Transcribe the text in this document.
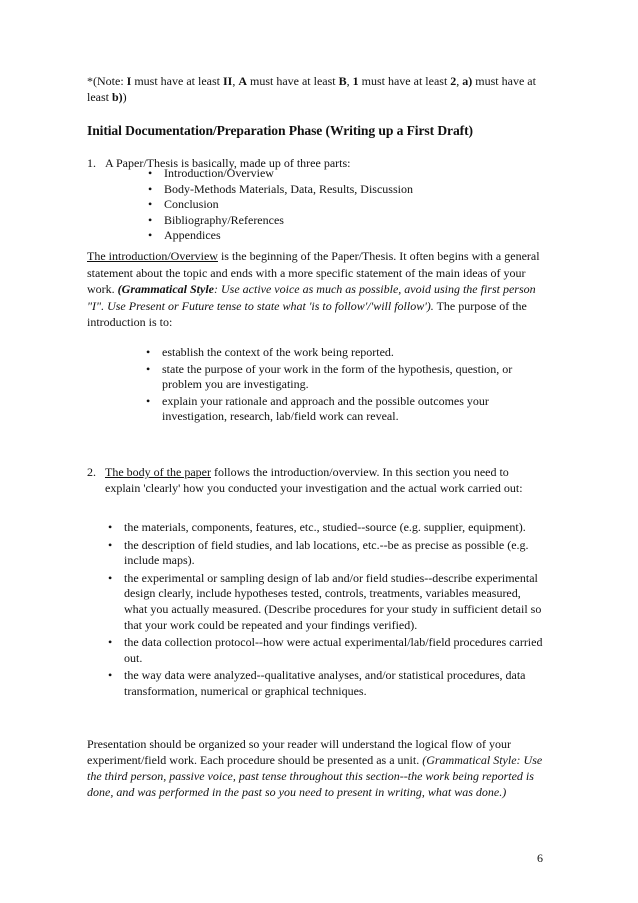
*(Note: I must have at least II, A must have at least B, 1 must have at least 2, a) must have at least b))

Initial Documentation/Preparation Phase (Writing up a First Draft)
1. A Paper/Thesis is basically, made up of three parts:
• Introduction/Overview
• Body-Methods Materials, Data, Results, Discussion
• Conclusion
• Bibliography/References
• Appendices

The introduction/Overview is the beginning of the Paper/Thesis. It often begins with a general statement about the topic and ends with a more specific statement of the main ideas of your work. (Grammatical Style: Use active voice as much as possible, avoid using the first person "I". Use Present or Future tense to state what 'is to follow'/'will follow'). The purpose of the introduction is to:

• establish the context of the work being reported.
• state the purpose of your work in the form of the hypothesis, question, or problem you are investigating.
• explain your rationale and approach and the possible outcomes your investigation, research, lab/field work can reveal.
2. The body of the paper follows the introduction/overview. In this section you need to explain 'clearly' how you conducted your investigation and the actual work carried out:
• the materials, components, features, etc., studied--source (e.g. supplier, equipment).
• the description of field studies, and lab locations, etc.--be as precise as possible (e.g. include maps).
• the experimental or sampling design of lab and/or field studies--describe experimental design clearly, include hypotheses tested, controls, treatments, variables measured, what you actually measured. (Describe procedures for your study in sufficient detail so that your work could be repeated and your findings verified).
• the data collection protocol--how were actual experimental/lab/field procedures carried out.
• the way data were analyzed--qualitative analyses, and/or statistical procedures, data transformation, numerical or graphical techniques.

Presentation should be organized so your reader will understand the logical flow of your experiment/field work. Each procedure should be presented as a unit. (Grammatical Style: Use the third person, passive voice, past tense throughout this section--the work being reported is done, and was performed in the past so you need to present in writing, what was done.)

6
